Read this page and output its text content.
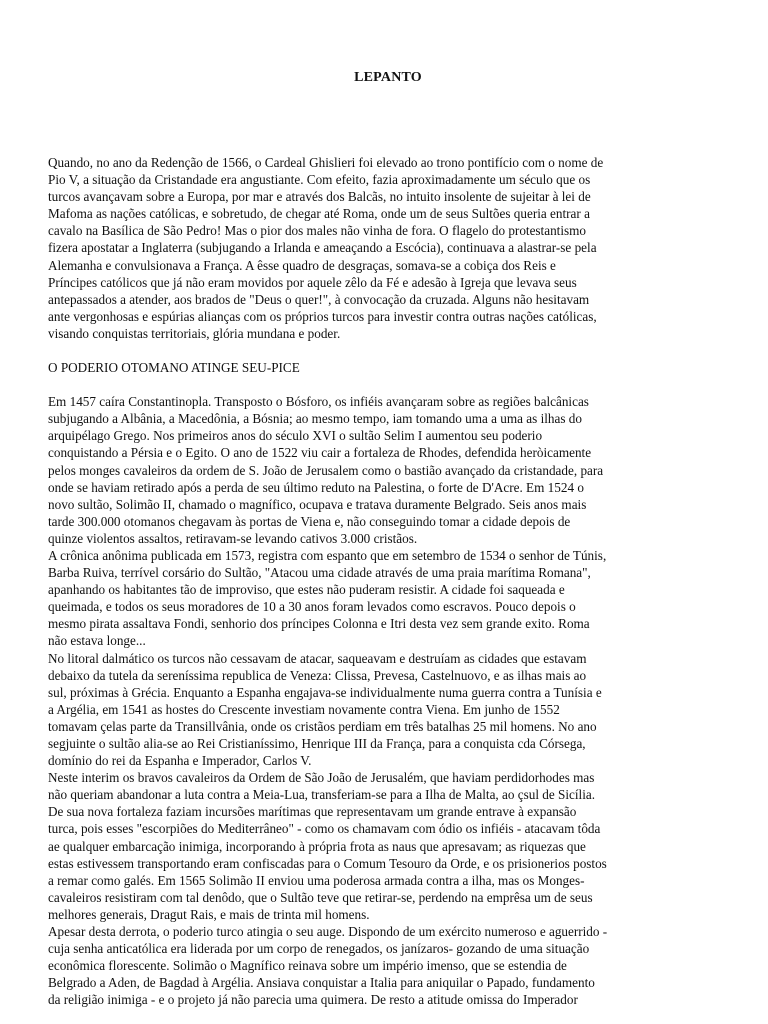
LEPANTO
Quando, no ano da Redenção de 1566, o Cardeal Ghislieri foi elevado ao trono pontifício com o nome de
Pio V, a situação da Cristandade era angustiante. Com efeito, fazia aproximadamente um século que os
turcos avançavam sobre a Europa, por mar e através dos Balcãs, no intuito insolente de sujeitar à lei de
Mafoma as nações católicas, e sobretudo, de chegar até Roma, onde um de seus Sultões queria entrar a
cavalo na Basílica de São Pedro! Mas o pior dos males não vinha de fora. O flagelo do protestantismo
fizera apostatar a Inglaterra (subjugando a Irlanda e ameaçando a Escócia), continuava a alastrar-se pela
Alemanha e convulsionava a França. A êsse quadro de desgraças, somava-se a cobiça dos Reis e
Príncipes católicos que já não eram movidos por aquele zêlo da Fé e adesão à Igreja que levava seus
antepassados a atender, aos brados de "Deus o quer!", à convocação da cruzada. Alguns não hesitavam
ante vergonhosas e espúrias alianças com os próprios turcos para investir contra outras nações católicas,
visando conquistas territoriais, glória mundana e poder.
O PODERIO OTOMANO ATINGE SEU-PICE
Em 1457 caíra Constantinopla. Transposto o Bósforo, os infiéis avançaram sobre as regiões balcânicas
subjugando a Albânia, a Macedônia, a Bósnia; ao mesmo tempo, iam tomando uma a uma as ilhas do
arquipélago Grego. Nos primeiros anos do século XVI o sultão Selim I aumentou seu poderio
conquistando a Pérsia e o Egito. O ano de 1522 viu cair a fortaleza de Rhodes, defendida heròicamente
pelos monges cavaleiros da ordem de S. João de Jerusalem como o bastião avançado da cristandade, para
onde se haviam retirado após a perda de seu último reduto na Palestina, o forte de D'Acre. Em 1524 o
novo sultão, Solimão II, chamado o magnífico, ocupava e tratava duramente Belgrado. Seis anos mais
tarde 300.000 otomanos chegavam às portas de Viena e, não conseguindo tomar a cidade depois de
quinze violentos assaltos, retiravam-se levando cativos 3.000 cristãos.
A crônica anônima publicada em 1573, registra com espanto que em setembro de 1534 o senhor de Túnis,
Barba Ruiva, terrível corsário do Sultão, "Atacou uma cidade através de uma praia marítima Romana",
apanhando os habitantes tão de improviso, que estes não puderam resistir. A cidade foi saqueada e
queimada, e todos os seus moradores de 10 a 30 anos foram levados como escravos. Pouco depois o
mesmo pirata assaltava Fondi, senhorio dos príncipes Colonna e Itri desta vez sem grande exito. Roma
não estava longe...
No litoral dalmático os turcos não cessavam de atacar, saqueavam e destruíam as cidades que estavam
debaixo da tutela da sereníssima republica de Veneza: Clissa, Prevesa, Castelnuovo, e as ilhas mais ao
sul, próximas à Grécia. Enquanto a Espanha engajava-se individualmente numa guerra contra a Tunísia e
a Argélia, em 1541 as hostes do Crescente investiam novamente contra Viena. Em junho de 1552
tomavam çelas parte da Transillvânia, onde os cristãos perdiam em três batalhas 25 mil homens. No ano
segjuinte o sultão alia-se ao Rei Cristianíssimo, Henrique III da França, para a conquista cda Córsega,
domínio do rei da Espanha e Imperador, Carlos V.
Neste interim os bravos cavaleiros da Ordem de São João de Jerusalém, que haviam perdidorhodes mas
não queriam abandonar a luta contra a Meia-Lua, transferiam-se para a Ilha de Malta, ao çsul de Sicília.
De sua nova fortaleza faziam incursões marítimas que representavam um grande entrave à expansão
turca, pois esses "escorpiões do Mediterrâneo" - como os chamavam com ódio os infiéis - atacavam tôda
ae qualquer embarcação inimiga, incorporando à própria frota as naus que apresavam; as riquezas que
estas estivessem transportando eram confiscadas para o Comum Tesouro da Orde, e os prisionerios postos
a remar como galés. Em 1565 Solimão II enviou uma poderosa armada contra a ilha, mas os Monges-
cavaleiros resistiram com tal denôdo, que o Sultão teve que retirar-se, perdendo na emprêsa um de seus
melhores generais, Dragut Rais, e mais de trinta mil homens.
Apesar desta derrota, o poderio turco atingia o seu auge. Dispondo de um exército numeroso e aguerrido -
cuja senha anticatólica era liderada por um corpo de renegados, os janízaros- gozando de uma situação
econômica florescente. Solimão o Magnífico reinava sobre um império imenso, que se estendia de
Belgrado a Aden, de Bagdad à Argélia. Ansiava conquistar a Italia para aniquilar o Papado, fundamento
da religião inimiga - e o projeto já não parecia uma quimera. De resto a atitude omissa do Imperador
